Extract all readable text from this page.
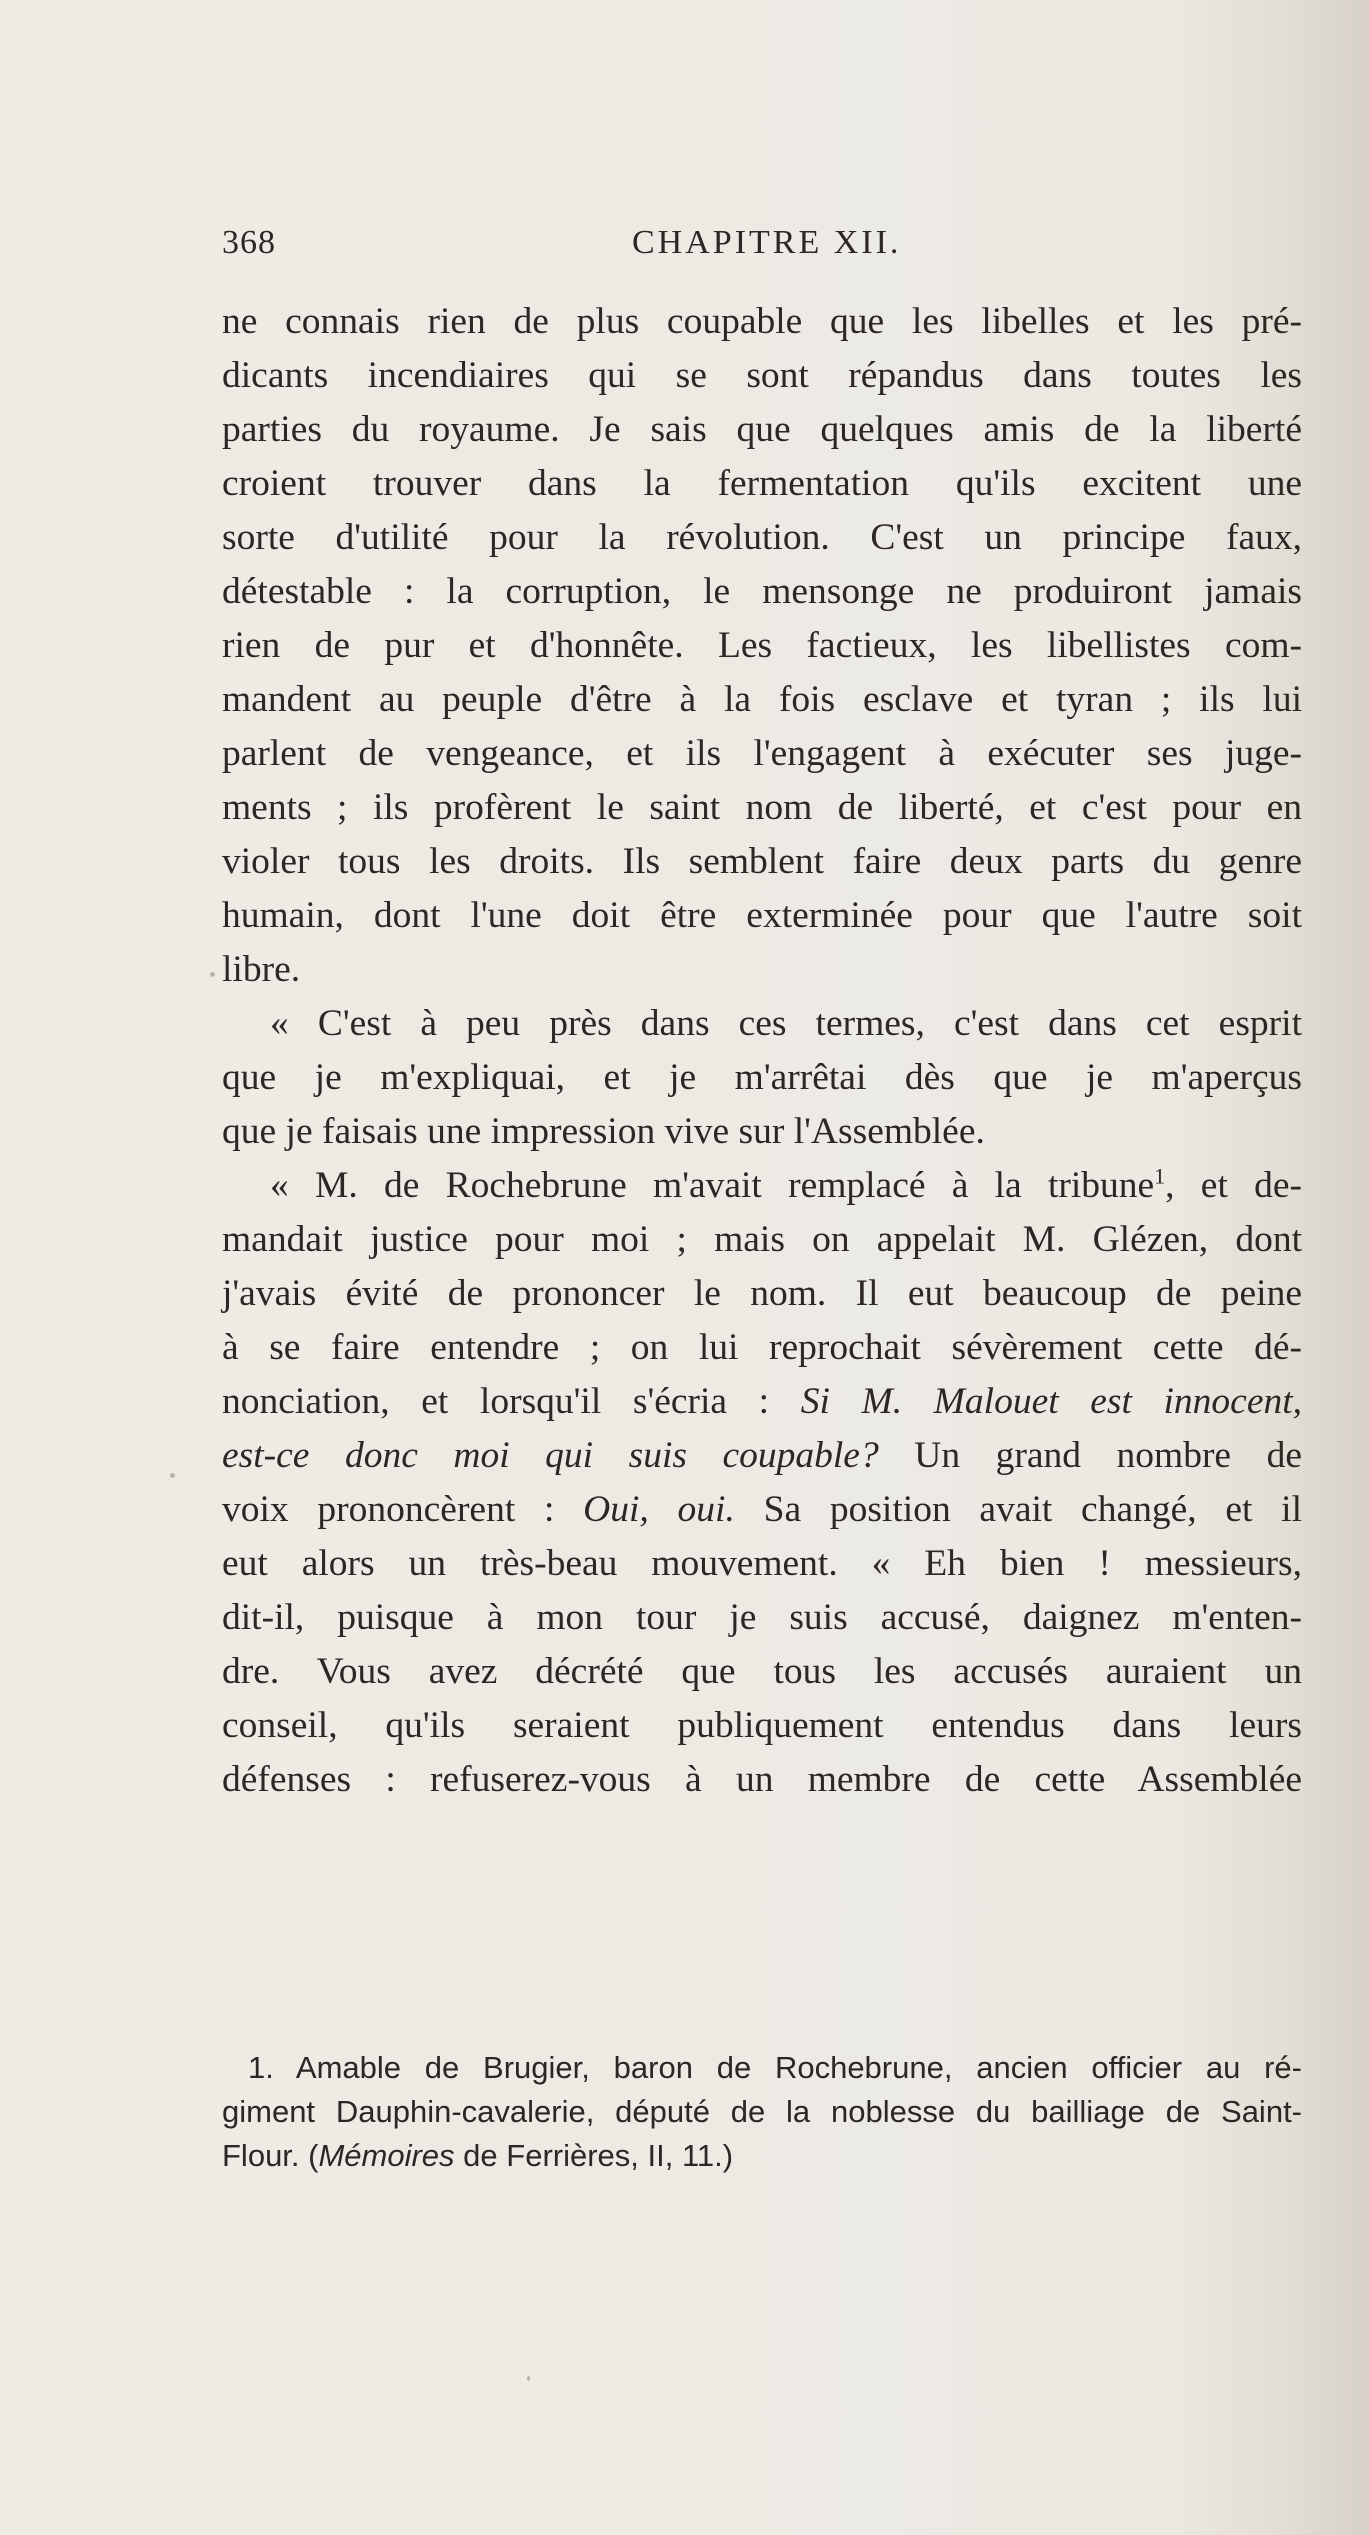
368	CHAPITRE XII.
ne connais rien de plus coupable que les libelles et les pré-
dicants incendiaires qui se sont répandus dans toutes les
parties du royaume. Je sais que quelques amis de la liberté
croient trouver dans la fermentation qu'ils excitent une
sorte d'utilité pour la révolution. C'est un principe faux,
détestable : la corruption, le mensonge ne produiront jamais
rien de pur et d'honnête. Les factieux, les libellistes com-
mandent au peuple d'être à la fois esclave et tyran ; ils lui
parlent de vengeance, et ils l'engagent à exécuter ses juge-
ments ; ils profèrent le saint nom de liberté, et c'est pour en
violer tous les droits. Ils semblent faire deux parts du genre
humain, dont l'une doit être exterminée pour que l'autre soit
libre.
« C'est à peu près dans ces termes, c'est dans cet esprit
que je m'expliquai, et je m'arrêtai dès que je m'aperçus
que je faisais une impression vive sur l'Assemblée.
« M. de Rochebrune m'avait remplacé à la tribune$^1$, et de-
mandait justice pour moi ; mais on appelait M. Glézen, dont
j'avais évité de prononcer le nom. Il eut beaucoup de peine
à se faire entendre ; on lui reprochait sévèrement cette dé-
nonciation, et lorsqu'il s'écria : Si M. Malouet est innocent,
est-ce donc moi qui suis coupable? Un grand nombre de
voix prononcèrent : Oui, oui. Sa position avait changé, et il
eut alors un très-beau mouvement. « Eh bien ! messieurs,
dit-il, puisque à mon tour je suis accusé, daignez m'enten-
dre. Vous avez décrété que tous les accusés auraient un
conseil, qu'ils seraient publiquement entendus dans leurs
défenses : refuserez-vous à un membre de cette Assemblée
1. Amable de Brugier, baron de Rochebrune, ancien officier au ré-
giment Dauphin-cavalerie, député de la noblesse du bailliage de Saint-
Flour. (Mémoires de Ferrières, II, 11.)
